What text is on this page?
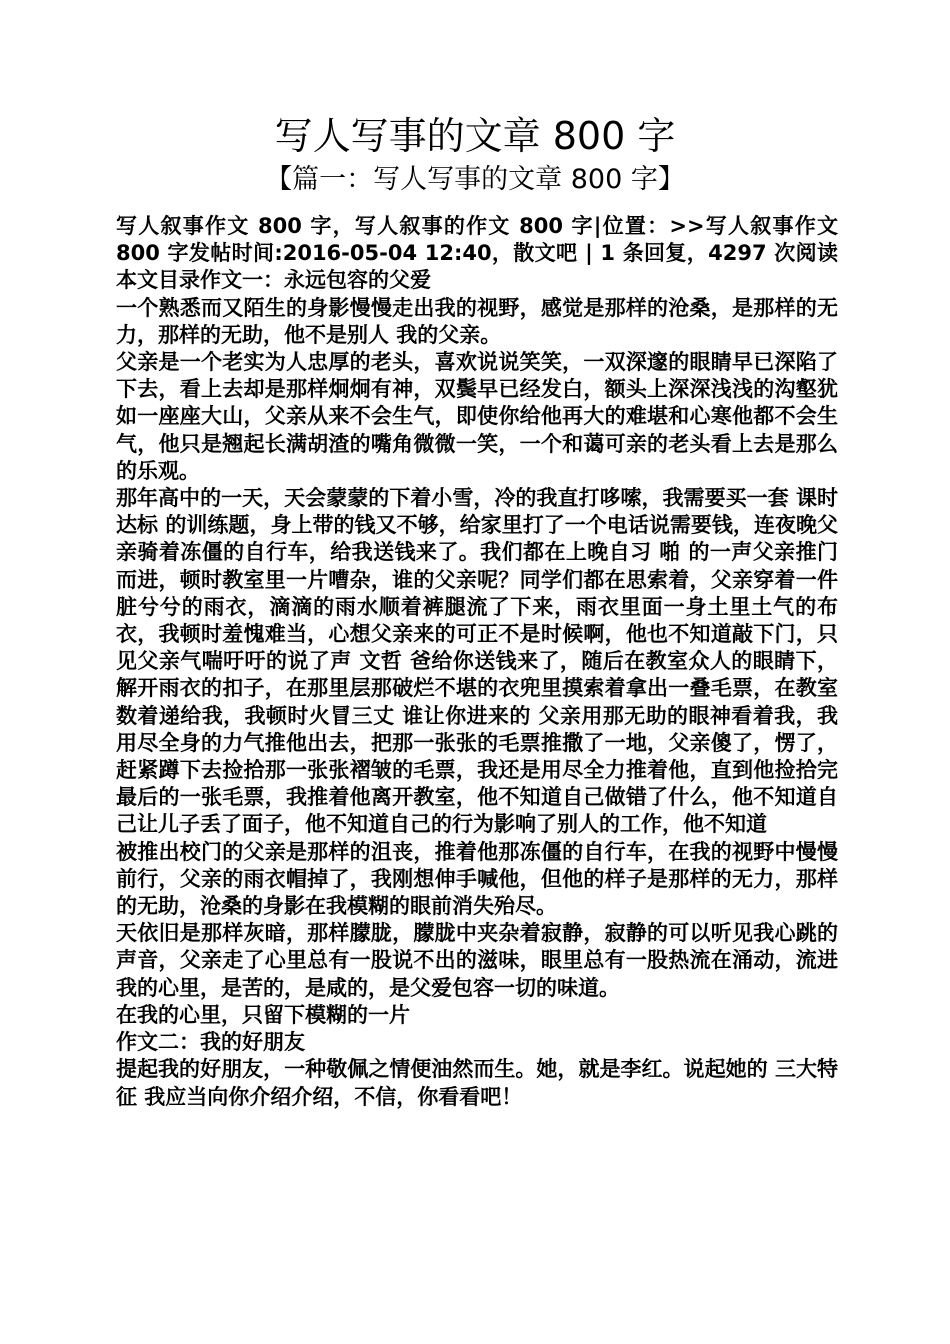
写人写事的文章 800 字
【篇一：写人写事的文章 800 字】

写人叙事作文 800 字，写人叙事的作文 800 字|位置：>>写人叙事作文 800 字发帖时间:2016-05-04 12:40，散文吧 | 1 条回复，4297 次阅读本文目录作文一：永远包容的父爱

一个熟悉而又陌生的身影慢慢走出我的视野，感觉是那样的沧桑，是那样的无力，那样的无助，他不是别人 我的父亲。

父亲是一个老实为人忠厚的老头，喜欢说说笑笑，一双深邃的眼睛早已深陷了下去，看上去却是那样炯炯有神，双鬓早已经发白，额头上深深浅浅的沟壑犹如一座座大山，父亲从来不会生气，即使你给他再大的难堪和心寒他都不会生气，他只是翘起长满胡渣的嘴角微微一笑，一个和蔼可亲的老头看上去是那么的乐观。

那年高中的一天，天会蒙蒙的下着小雪，冷的我直打哆嗦，我需要买一套 课时达标 的训练题，身上带的钱又不够，给家里打了一个电话说需要钱，连夜晚父亲骑着冻僵的自行车，给我送钱来了。我们都在上晚自习 啪 的一声父亲推门而进，顿时教室里一片嘈杂，谁的父亲呢？同学们都在思索着，父亲穿着一件脏兮兮的雨衣，滴滴的雨水顺着裤腿流了下来，雨衣里面一身土里土气的布衣，我顿时羞愧难当，心想父亲来的可正不是时候啊，他也不知道敲下门，只见父亲气喘吁吁的说了声 文哲 爸给你送钱来了，随后在教室众人的眼睛下，解开雨衣的扣子，在那里层那破烂不堪的衣兜里摸索着拿出一叠毛票，在教室数着递给我，我顿时火冒三丈 谁让你进来的 父亲用那无助的眼神看着我，我用尽全身的力气推他出去，把那一张张的毛票推撒了一地，父亲傻了，愣了，赶紧蹲下去捡拾那一张张褶皱的毛票，我还是用尽全力推着他，直到他捡拾完最后的一张毛票，我推着他离开教室，他不知道自己做错了什么，他不知道自己让儿子丢了面子，他不知道自己的行为影响了别人的工作，他不知道

被推出校门的父亲是那样的沮丧，推着他那冻僵的自行车，在我的视野中慢慢前行，父亲的雨衣帽掉了，我刚想伸手喊他，但他的样子是那样的无力，那样的无助，沧桑的身影在我模糊的眼前消失殆尽。

天依旧是那样灰暗，那样朦胧，朦胧中夹杂着寂静，寂静的可以听见我心跳的声音，父亲走了心里总有一股说不出的滋味，眼里总有一股热流在涌动，流进我的心里，是苦的，是咸的，是父爱包容一切的味道。

在我的心里，只留下模糊的一片

作文二：我的好朋友

提起我的好朋友，一种敬佩之情便油然而生。她，就是李红。说起她的 三大特征 我应当向你介绍介绍，不信，你看看吧！
